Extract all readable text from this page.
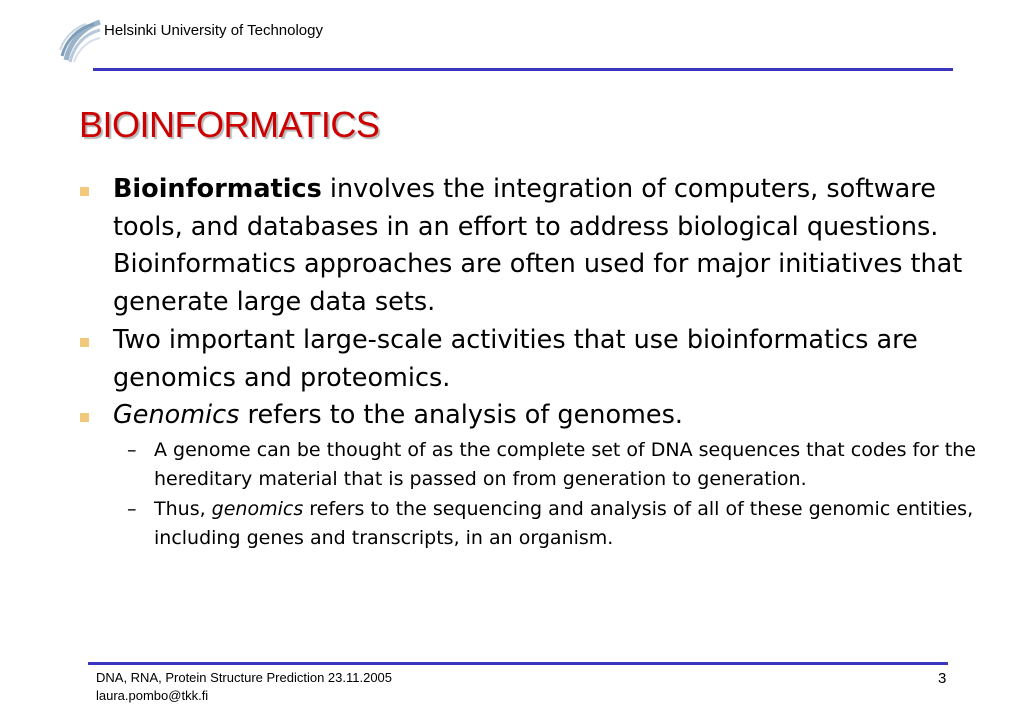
Helsinki University of Technology
BIOINFORMATICS
Bioinformatics involves the integration of computers, software tools, and databases in an effort to address biological questions. Bioinformatics approaches are often used for major initiatives that generate large data sets.
Two important large-scale activities that use bioinformatics are genomics and proteomics.
Genomics refers to the analysis of genomes.
– A genome can be thought of as the complete set of DNA sequences that codes for the hereditary material that is passed on from generation to generation.
– Thus, genomics refers to the sequencing and analysis of all of these genomic entities, including genes and transcripts, in an organism.
DNA, RNA, Protein Structure Prediction 23.11.2005
laura.pombo@tkk.fi
3
